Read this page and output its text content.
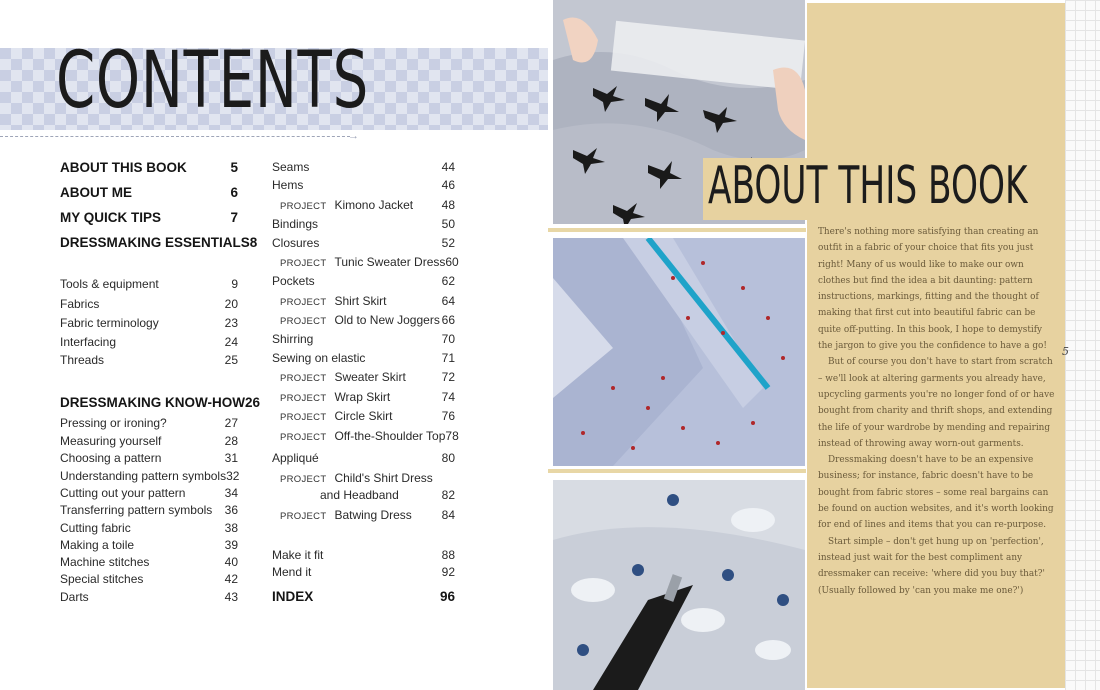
CONTENTS
→
ABOUT THIS BOOK	5
ABOUT ME	6
MY QUICK TIPS	7
DRESSMAKING ESSENTIALS 8
Tools & equipment	9
Fabrics	20
Fabric terminology	23
Interfacing	24
Threads	25
DRESSMAKING KNOW-HOW 26
Pressing or ironing?	27
Measuring yourself	28
Choosing a pattern	31
Understanding pattern symbols 32
Cutting out your pattern	34
Transferring pattern symbols 36
Cutting fabric	38
Making a toile	39
Machine stitches	40
Special stitches	42
Darts	43
Seams	44
Hems	46
PROJECT Kimono Jacket 48
Bindings	50
Closures	52
PROJECT Tunic Sweater Dress 60
Pockets	62
PROJECT Shirt Skirt	64
PROJECT Old to New Joggers 66
Shirring	70
Sewing on elastic	71
PROJECT Sweater Skirt	72
PROJECT Wrap Skirt	74
PROJECT Circle Skirt	76
PROJECT Off-the-Shoulder Top 78
Appliqué	80
PROJECT Child's Shirt Dress
and Headband	82
PROJECT Batwing Dress 84
Make it fit	88
Mend it	92
INDEX	96
ABOUT THIS BOOK

There's nothing more satisfying than creating an outfit in a fabric of your choice that fits you just right! Many of us would like to make our own clothes but find the idea a bit daunting: pattern instructions, markings, fitting and the thought of making that first cut into beautiful fabric can be quite off-putting. In this book, I hope to demystify the jargon to give you the confidence to have a go!

But of course you don't have to start from scratch – we'll look at altering garments you already have, upcycling garments you're no longer fond of or have bought from charity and thrift shops, and extending the life of your wardrobe by mending and repairing instead of throwing away worn-out garments.

Dressmaking doesn't have to be an expensive business; for instance, fabric doesn't have to be bought from fabric stores – some real bargains can be found on auction websites, and it's worth looking for end of lines and items that you can re-purpose.

Start simple – don't get hung up on 'perfection', instead just wait for the best compliment any dressmaker can receive: 'where did you buy that?' (Usually followed by 'can you make me one?')

5
